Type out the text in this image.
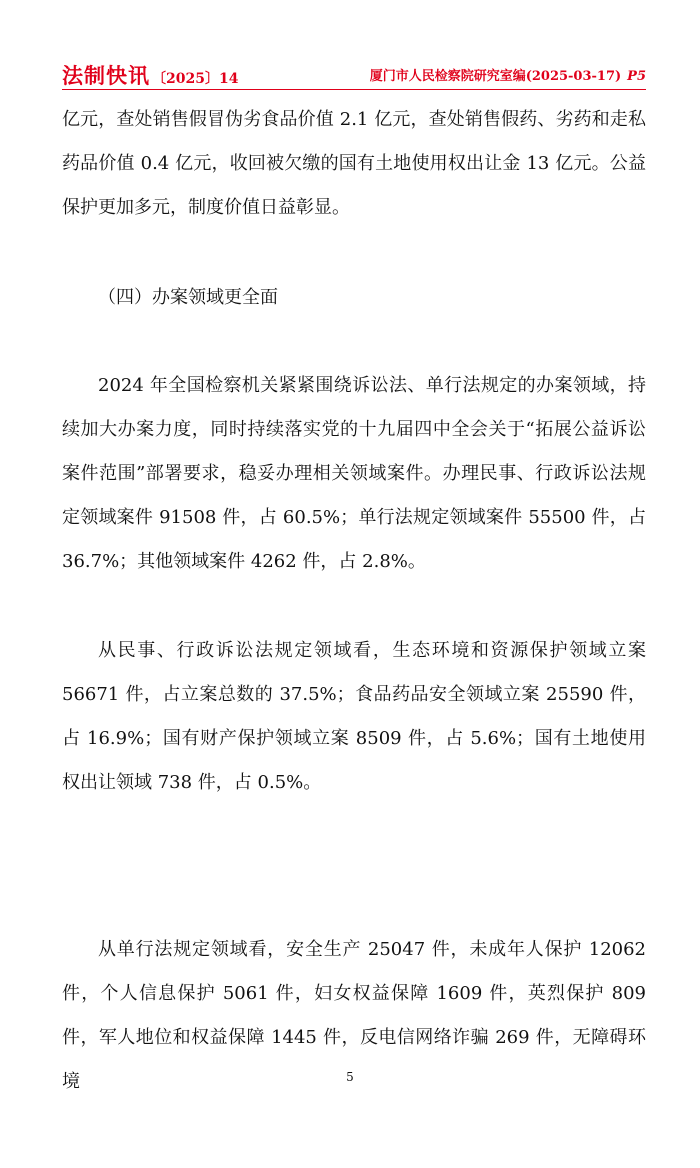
法制快讯 〔2025〕14	厦门市人民检察院研究室编(2025-03-17) P5

亿元，查处销售假冒伪劣食品价值 2.1 亿元，查处销售假药、劣药和走私药品价值 0.4 亿元，收回被欠缴的国有土地使用权出让金 13 亿元。公益保护更加多元，制度价值日益彰显。

（四）办案领域更全面

2024 年全国检察机关紧紧围绕诉讼法、单行法规定的办案领域，持续加大办案力度，同时持续落实党的十九届四中全会关于“拓展公益诉讼案件范围”部署要求，稳妥办理相关领域案件。办理民事、行政诉讼法规定领域案件 91508 件，占 60.5%；单行法规定领域案件 55500 件，占 36.7%；其他领域案件 4262 件，占 2.8%。

从民事、行政诉讼法规定领域看，生态环境和资源保护领域立案 56671 件，占立案总数的 37.5%；食品药品安全领域立案 25590 件，占 16.9%；国有财产保护领域立案 8509 件，占 5.6%；国有土地使用权出让领域 738 件，占 0.5%。

从单行法规定领域看，安全生产 25047 件，未成年人保护 12062 件，个人信息保护 5061 件，妇女权益保障 1609 件，英烈保护 809 件，军人地位和权益保障 1445 件，反电信网络诈骗 269 件，无障碍环境	5
